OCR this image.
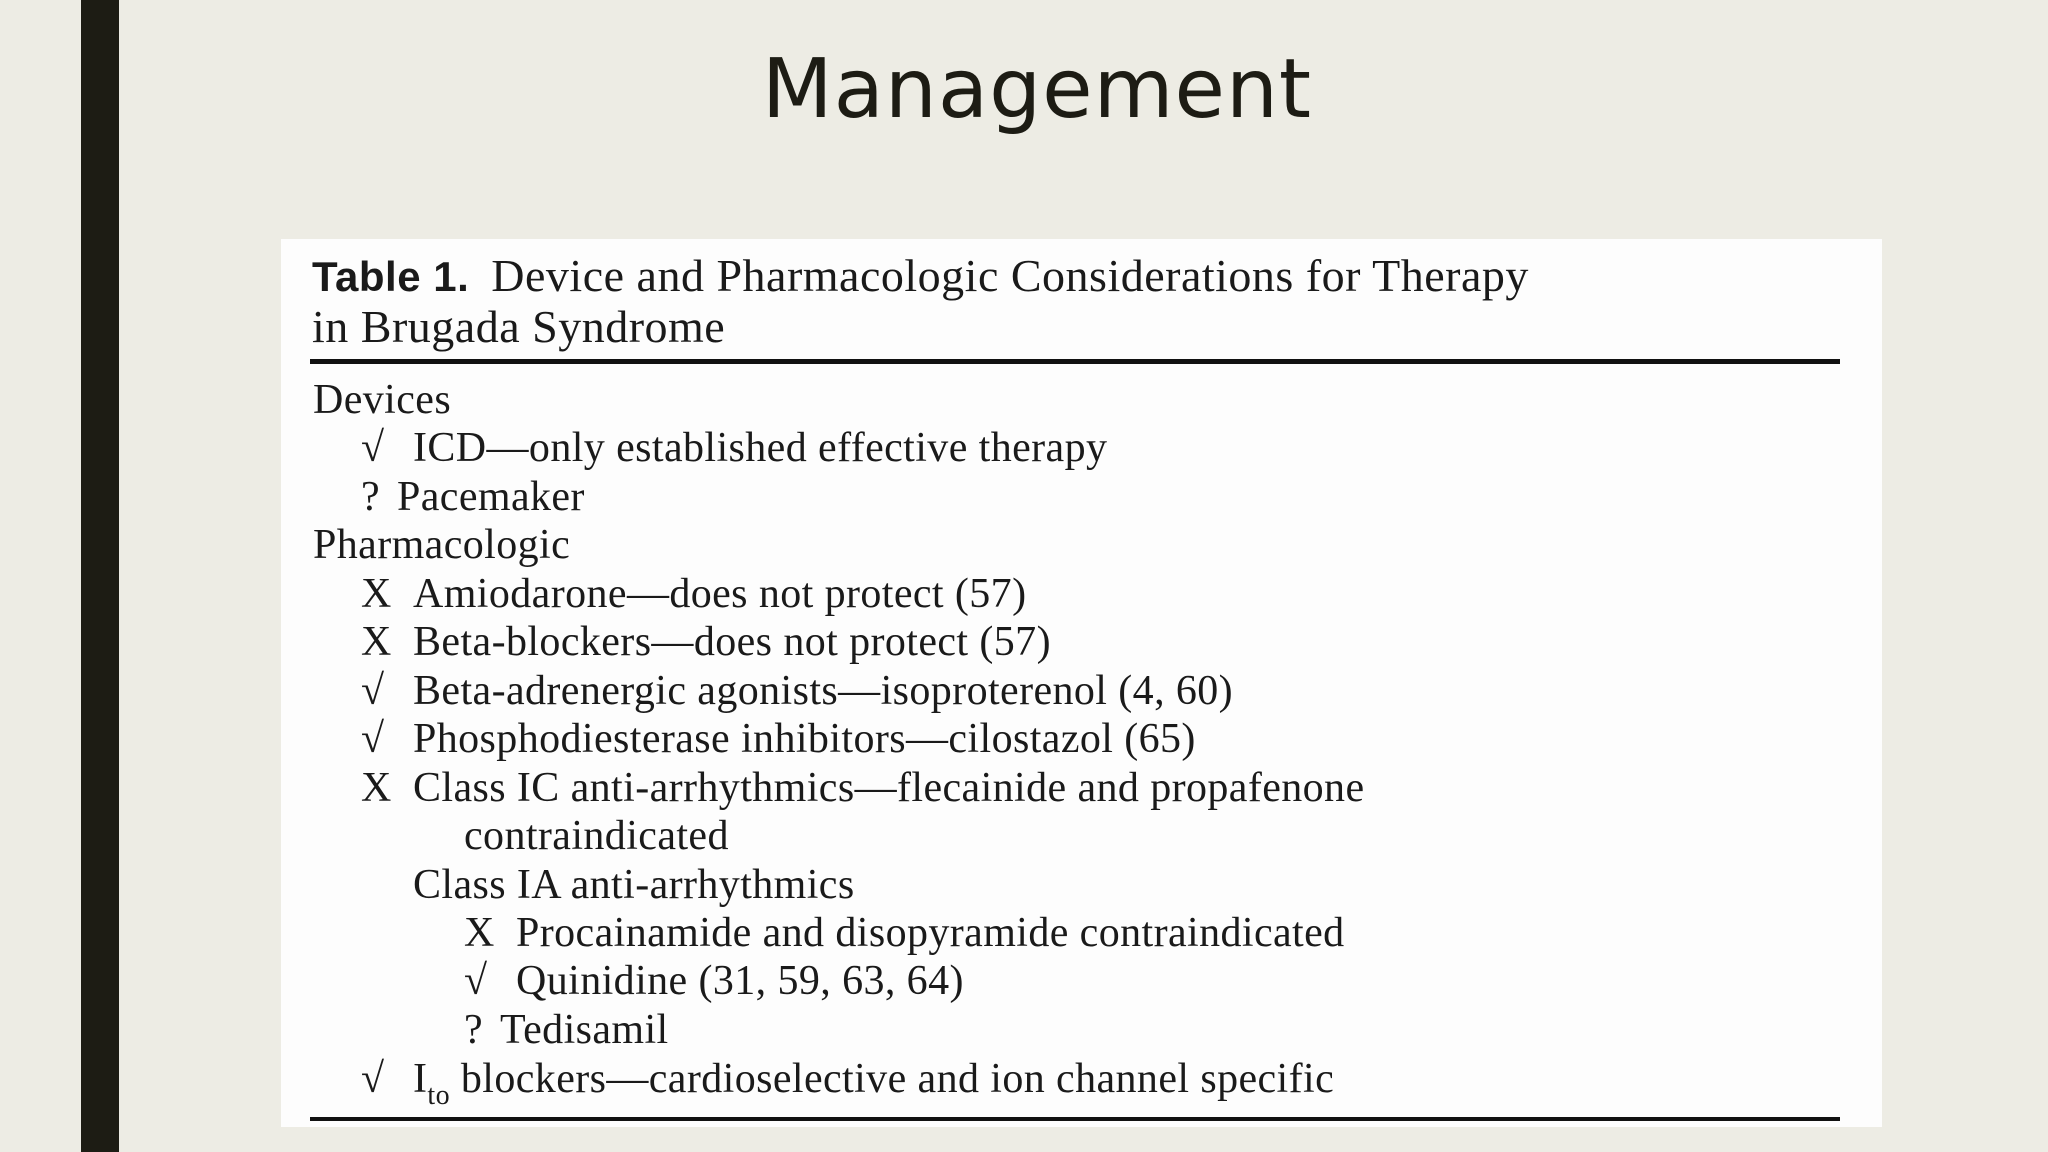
Management
Table 1. Device and Pharmacologic Considerations for Therapy
in Brugada Syndrome
Devices
√ ICD—only established effective therapy
? Pacemaker
Pharmacologic
X Amiodarone—does not protect (57)
X Beta-blockers—does not protect (57)
√ Beta-adrenergic agonists—isoproterenol (4, 60)
√ Phosphodiesterase inhibitors—cilostazol (65)
X Class IC anti-arrhythmics—flecainide and propafenone
contraindicated
Class IA anti-arrhythmics
X Procainamide and disopyramide contraindicated
√ Quinidine (31, 59, 63, 64)
? Tedisamil
√ $I_{to}$ blockers—cardioselective and ion channel specific
